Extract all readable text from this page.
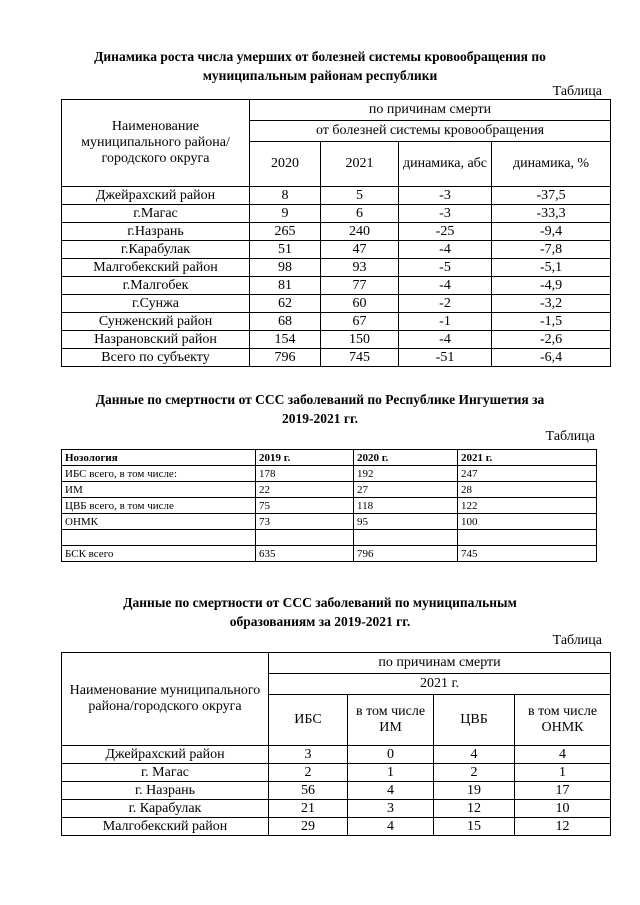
Динамика роста числа умерших от болезней системы кровообращения по
муниципальным районам республики
Таблица
Наименование муниципального района/городского округа	по причинам смерти			
	от болезней системы кровообращения			
	2020	2021	динамика, абс	динамика, %
Джейрахский район	8	5	-3	-37,5
г.Магас	9	6	-3	-33,3
г.Назрань	265	240	-25	-9,4
г.Карабулак	51	47	-4	-7,8
Малгобекский район	98	93	-5	-5,1
г.Малгобек	81	77	-4	-4,9
г.Сунжа	62	60	-2	-3,2
Сунженский район	68	67	-1	-1,5
Назрановский район	154	150	-4	-2,6
Всего по субъекту	796	745	-51	-6,4
Данные по смертности от ССС заболеваний по Республике Ингушетия за
2019-2021 гг.
Таблица
Нозология	2019 г.	2020 г.	2021 г.
ИБС всего, в том числе:	178	192	247
ИМ	22	27	28
ЦВБ всего, в том числе	75	118	122
ОНМК	73	95	100

БСК всего	635	796	745
Данные по смертности от ССС заболеваний по муниципальным
образованиям за 2019-2021 гг.
Таблица
Наименование муниципального района/городского округа	по причинам смерти			
	2021 г.			
	ИБС	в том числе ИМ	ЦВБ	в том числе ОНМК
Джейрахский район	3	0	4	4
г. Магас	2	1	2	1
г. Назрань	56	4	19	17
г. Карабулак	21	3	12	10
Малгобекский район	29	4	15	12
